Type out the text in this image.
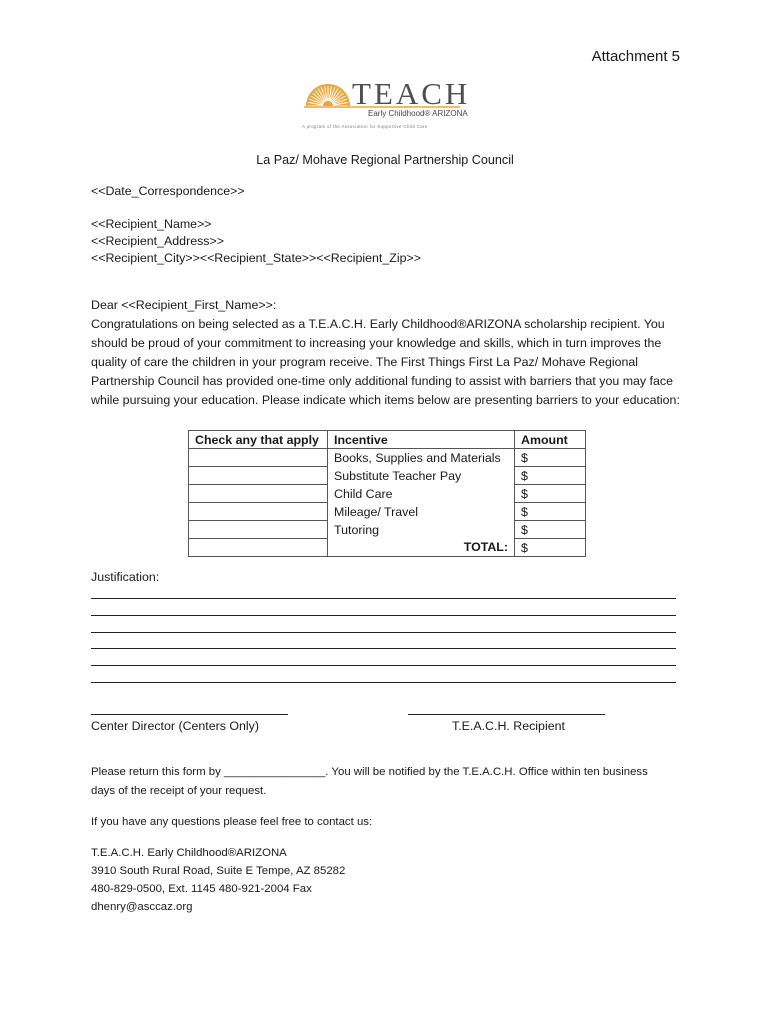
Attachment 5
TEACH
Early Childhood® ARIZONA
A program of the Association for Supportive Child Care
La Paz/ Mohave Regional Partnership Council
<<Date_Correspondence>>
<<Recipient_Name>>
<<Recipient_Address>>
<<Recipient_City>><<Recipient_State>><<Recipient_Zip>>
Dear <<Recipient_First_Name>>:
Congratulations on being selected as a T.E.A.C.H. Early Childhood®ARIZONA scholarship recipient. You should be proud of your commitment to increasing your knowledge and skills, which in turn improves the quality of care the children in your program receive. The First Things First La Paz/ Mohave Regional Partnership Council has provided one-time only additional funding to assist with barriers that you may face while pursuing your education. Please indicate which items below are presenting barriers to your education:
Check any that apply	Incentive	Amount
	Books, Supplies and Materials	$
	Substitute Teacher Pay	$
	Child Care	$
	Mileage/ Travel	$
	Tutoring	$
	TOTAL:	$
Justification:
Center Director (Centers Only)	T.E.A.C.H. Recipient
Please return this form by ________________. You will be notified by the T.E.A.C.H. Office within ten business
days of the receipt of your request.
If you have any questions please feel free to contact us:
T.E.A.C.H. Early Childhood®ARIZONA
3910 South Rural Road, Suite E Tempe, AZ 85282
480-829-0500, Ext. 1145 480-921-2004 Fax
dhenry@asccaz.org
